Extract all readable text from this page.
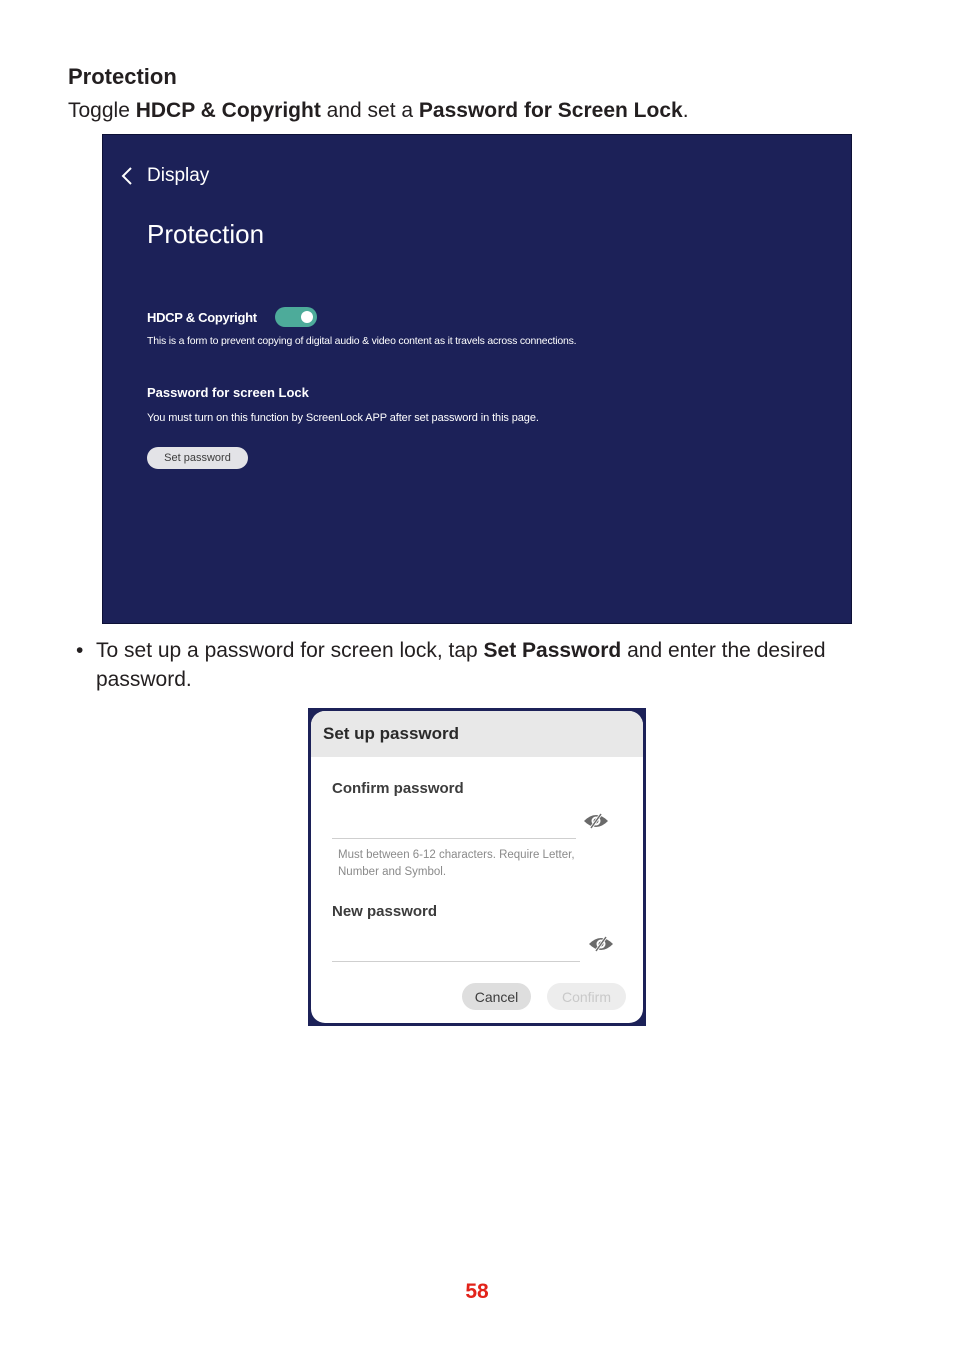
Protection

Toggle HDCP & Copyright and set a Password for Screen Lock.

Display
Protection
HDCP & Copyright
This is a form to prevent copying of digital audio & video content as it travels across connections.
Password for screen Lock
You must turn on this function by ScreenLock APP after set password in this page.
Set password
• To set up a password for screen lock, tap Set Password and enter the desired password.
Set up password
Confirm password
Must between 6-12 characters. Require Letter, Number and Symbol.
New password
Cancel	Confirm
58
